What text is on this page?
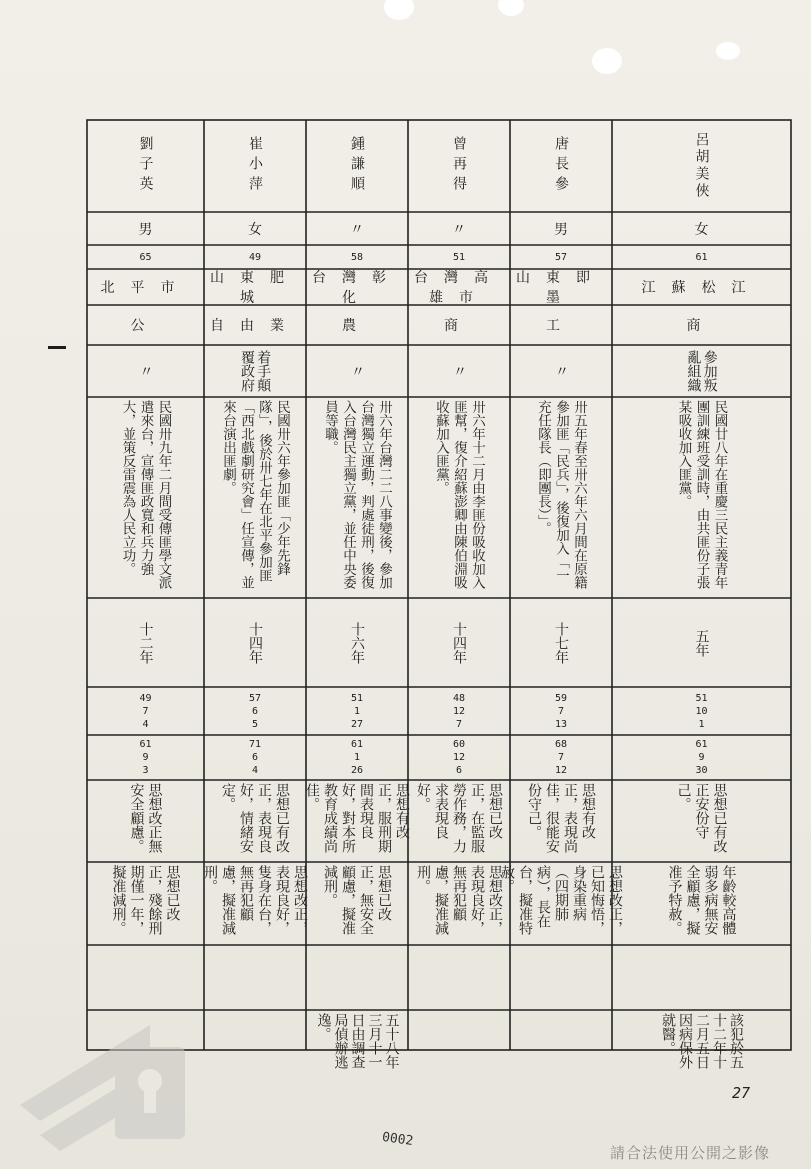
呂胡美俠
女
61
江蘇松江
商
參加叛亂組織
民國廿八年在重慶三民主義青年團訓練班受訓時，由共匪份子張某吸收加入匪黨。
五年
51
10
1
61
9
30
思想已有改正安份守己。
年齡較高體弱多病無安全顧慮，擬准予特赦。
該犯於五十二年十二月五日因病保外就醫。
唐長參
男
57
山東即墨
工
〃
卅五年春至卅六年六月間在原籍參加匪「民兵」，後復加入「一充任隊長（即團長）」。
十七年
59
7
13
68
7
12
思想有改正，表現尚佳，很能安份守己。
思想改正，已知悔悟，身染重病（四期肺病），長在台，擬准特赦。
曾再得
〃
51
台灣高雄市
商
〃
卅六年十二月由李匪份吸收加入匪幫，復介紹蘇澎卿由陳伯淵吸收蘇加入匪黨。
十四年
48
12
7
60
12
6
思想已改正，在監服勞作務，力求表現良好。
思想改正，表現良好，無再犯顧慮，擬准減刑。
鍾謙順
〃
58
台灣彰化
農
〃
卅六年台灣二二八事變後，參加台灣獨立運動，判處徒刑，後復入台灣民主獨立黨，並任中央委員等職。
十六年
51
1
27
61
1
26
思想有改正，服刑期間表現良好，對本所教育成績尚佳。
思想已改正，無安全顧慮，擬准減刑。
五十八年三月十一日由調查局偵辦逃逸。
崔小萍
女
49
山東肥城
自由業
着手顛覆政府
民國卅六年參加匪「少年先鋒隊」，後於卅七年在北平參加匪「西北戲劇研究會」任宣傳，並來台演出匪劇。
十四年
57
6
5
71
6
4
思想已有改正，表現良好，情緒安定。
思想改正，表現良好，隻身在台，無再犯顧慮，擬准減刑。
劉子英
男
65
北平市
公
〃
民國卅九年二月間受傳匪學文派遣來台，宣傳匪政寬和兵力強大，並策反雷震為人民立功。
十二年
49
7
4
61
9
3
思想改正無安全顧慮。
思想已改正，殘餘刑期僅一年，擬准減刑。
0002
27
請合法使用公開之影像
